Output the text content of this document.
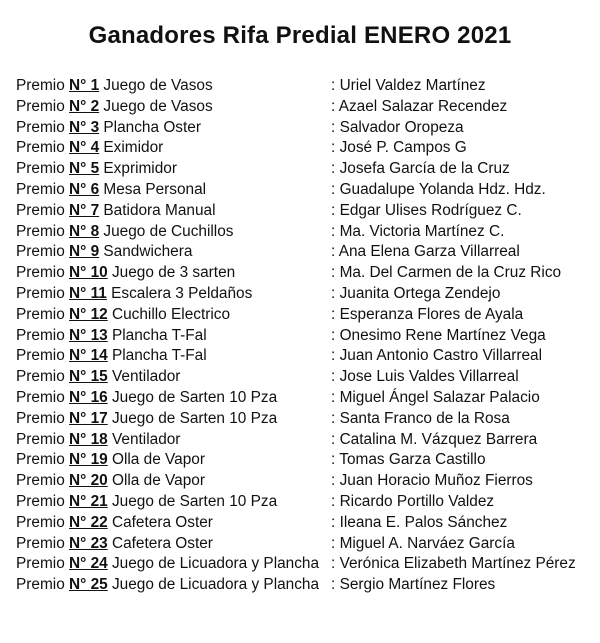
Ganadores Rifa Predial ENERO 2021
Premio N° 1 Juego de Vasos	: Uriel Valdez Martínez
Premio N° 2 Juego de Vasos	: Azael Salazar Recendez
Premio N° 3 Plancha Oster	: Salvador Oropeza
Premio N° 4 Eximidor	: José P. Campos G
Premio N° 5 Exprimidor	: Josefa García de la Cruz
Premio N° 6 Mesa Personal	: Guadalupe Yolanda Hdz. Hdz.
Premio N° 7 Batidora Manual	: Edgar Ulises Rodríguez C.
Premio N° 8 Juego de Cuchillos	: Ma. Victoria Martínez C.
Premio N° 9 Sandwichera	: Ana Elena Garza Villarreal
Premio N° 10 Juego de 3 sarten	: Ma. Del Carmen de la Cruz Rico
Premio N° 11 Escalera 3 Peldaños	: Juanita Ortega Zendejo
Premio N° 12 Cuchillo Electrico	: Esperanza Flores de Ayala
Premio N° 13 Plancha T-Fal	: Onesimo Rene Martínez Vega
Premio N° 14 Plancha T-Fal	: Juan Antonio Castro Villarreal
Premio N° 15 Ventilador	: Jose Luis Valdes Villarreal
Premio N° 16 Juego de Sarten 10 Pza	: Miguel Ángel Salazar Palacio
Premio N° 17 Juego de Sarten 10 Pza	: Santa Franco de la Rosa
Premio N° 18 Ventilador	: Catalina M. Vázquez Barrera
Premio N° 19 Olla de Vapor	: Tomas Garza Castillo
Premio N° 20 Olla de Vapor	: Juan Horacio Muñoz Fierros
Premio N° 21 Juego de Sarten 10 Pza	: Ricardo Portillo Valdez
Premio N° 22 Cafetera Oster	: Ileana E. Palos Sánchez
Premio N° 23 Cafetera Oster	: Miguel A. Narváez García
Premio N° 24 Juego de Licuadora y Plancha	: Verónica Elizabeth Martínez Pérez
Premio N° 25 Juego de Licuadora y Plancha	: Sergio Martínez Flores
